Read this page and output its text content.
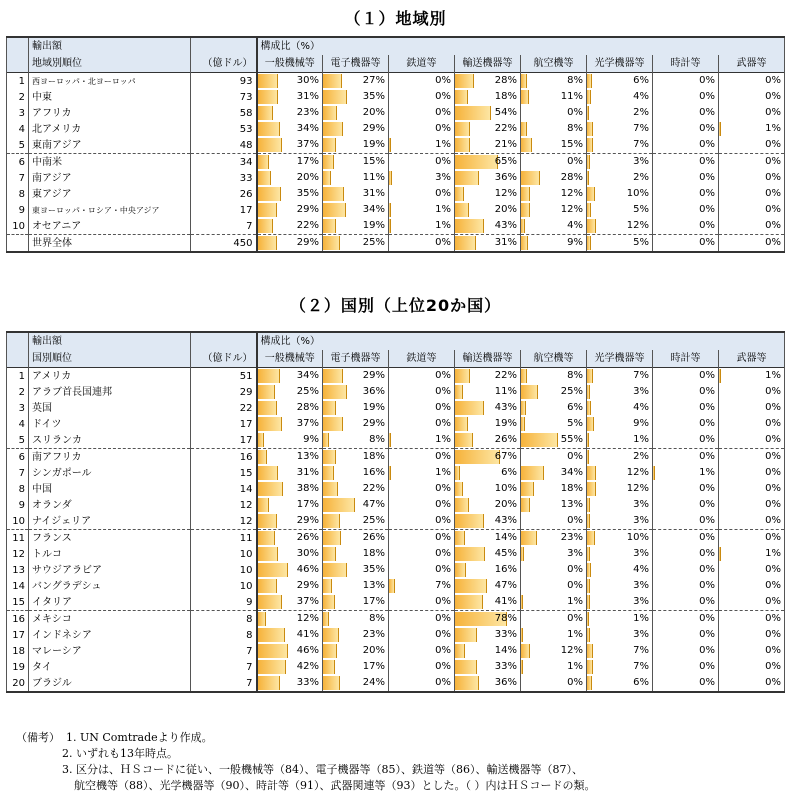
（１）地域別
	輸出額		構成比（%）							
	地域別順位	（億ドル）	一般機械等	電子機器等	鉄道等	輸送機器等	航空機等	光学機器等	時計等	武器等
1	西ヨーロッパ・北ヨーロッパ	93	30%	27%	0%	28%	8%	6%	0%	0%

2	中東	73	31%	35%	0%	18%	11%	4%	0%	0%

3	アフリカ	58	23%	20%	0%	54%	0%	2%	0%	0%

4	北アメリカ	53	34%	29%	0%	22%	8%	7%	0%	1%

5	東南アジア	48	37%	19%	1%	21%	15%	7%	0%	0%

6	中南米	34	17%	15%	0%	65%	0%	3%	0%	0%

7	南アジア	33	20%	11%	3%	36%	28%	2%	0%	0%

8	東アジア	26	35%	31%	0%	12%	12%	10%	0%	0%

9	東ヨーロッパ・ロシア・中央アジア	17	29%	34%	1%	20%	12%	5%	0%	0%

10	オセアニア	7	22%	19%	1%	43%	4%	12%	0%	0%

	世界全体	450	29%	25%	0%	31%	9%	5%	0%	0%
（２）国別（上位20か国）
	輸出額		構成比（%）							
	国別順位	（億ドル）	一般機械等	電子機器等	鉄道等	輸送機器等	航空機等	光学機器等	時計等	武器等
1	アメリカ	51	34%	29%	0%	22%	8%	7%	0%	1%

2	アラブ首長国連邦	29	25%	36%	0%	11%	25%	3%	0%	0%

3	英国	22	28%	19%	0%	43%	6%	4%	0%	0%

4	ドイツ	17	37%	29%	0%	19%	5%	9%	0%	0%

5	スリランカ	17	9%	8%	1%	26%	55%	1%	0%	0%

6	南アフリカ	16	13%	18%	0%	67%	0%	2%	0%	0%

7	シンガポール	15	31%	16%	1%	6%	34%	12%	1%	0%

8	中国	14	38%	22%	0%	10%	18%	12%	0%	0%

9	オランダ	12	17%	47%	0%	20%	13%	3%	0%	0%

10	ナイジェリア	12	29%	25%	0%	43%	0%	3%	0%	0%

11	フランス	11	26%	26%	0%	14%	23%	10%	0%	0%

12	トルコ	10	30%	18%	0%	45%	3%	3%	0%	1%

13	サウジアラビア	10	46%	35%	0%	16%	0%	4%	0%	0%

14	バングラデシュ	10	29%	13%	7%	47%	0%	3%	0%	0%

15	イタリア	9	37%	17%	0%	41%	1%	3%	0%	0%

16	メキシコ	8	12%	8%	0%	78%	0%	1%	0%	0%

17	インドネシア	8	41%	23%	0%	33%	1%	3%	0%	0%

18	マレーシア	7	46%	20%	0%	14%	12%	7%	0%	0%

19	タイ	7	42%	17%	0%	33%	1%	7%	0%	0%

20	ブラジル	7	33%	24%	0%	36%	0%	6%	0%	0%
（備考） 1. UN Comtradeより作成。
2. いずれも13年時点。
3. 区分は、ＨＳコードに従い、一般機械等（84）、電子機器等（85）、鉄道等（86）、輸送機器等（87）、
航空機等（88）、光学機器等（90）、時計等（91）、武器関連等（93）とした。（ ）内はＨＳコードの類。
